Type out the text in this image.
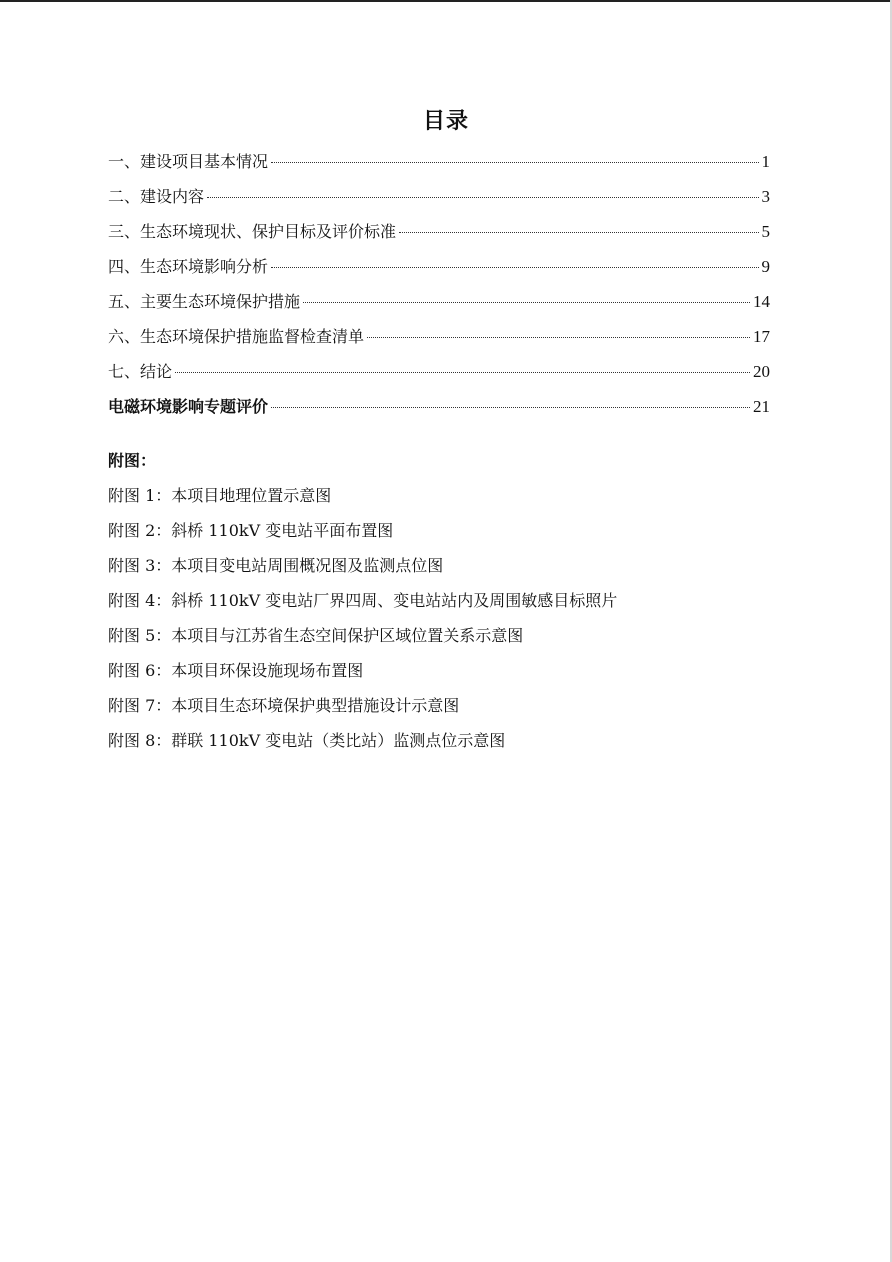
目录
一、建设项目基本情况	1
二、建设内容	3
三、生态环境现状、保护目标及评价标准	5
四、生态环境影响分析	9
五、主要生态环境保护措施	14
六、生态环境保护措施监督检查清单	17
七、结论	20
电磁环境影响专题评价	21
附图：
附图 1：本项目地理位置示意图
附图 2：斜桥 110kV 变电站平面布置图
附图 3：本项目变电站周围概况图及监测点位图
附图 4：斜桥 110kV 变电站厂界四周、变电站站内及周围敏感目标照片
附图 5：本项目与江苏省生态空间保护区域位置关系示意图
附图 6：本项目环保设施现场布置图
附图 7：本项目生态环境保护典型措施设计示意图
附图 8：群联 110kV 变电站（类比站）监测点位示意图
